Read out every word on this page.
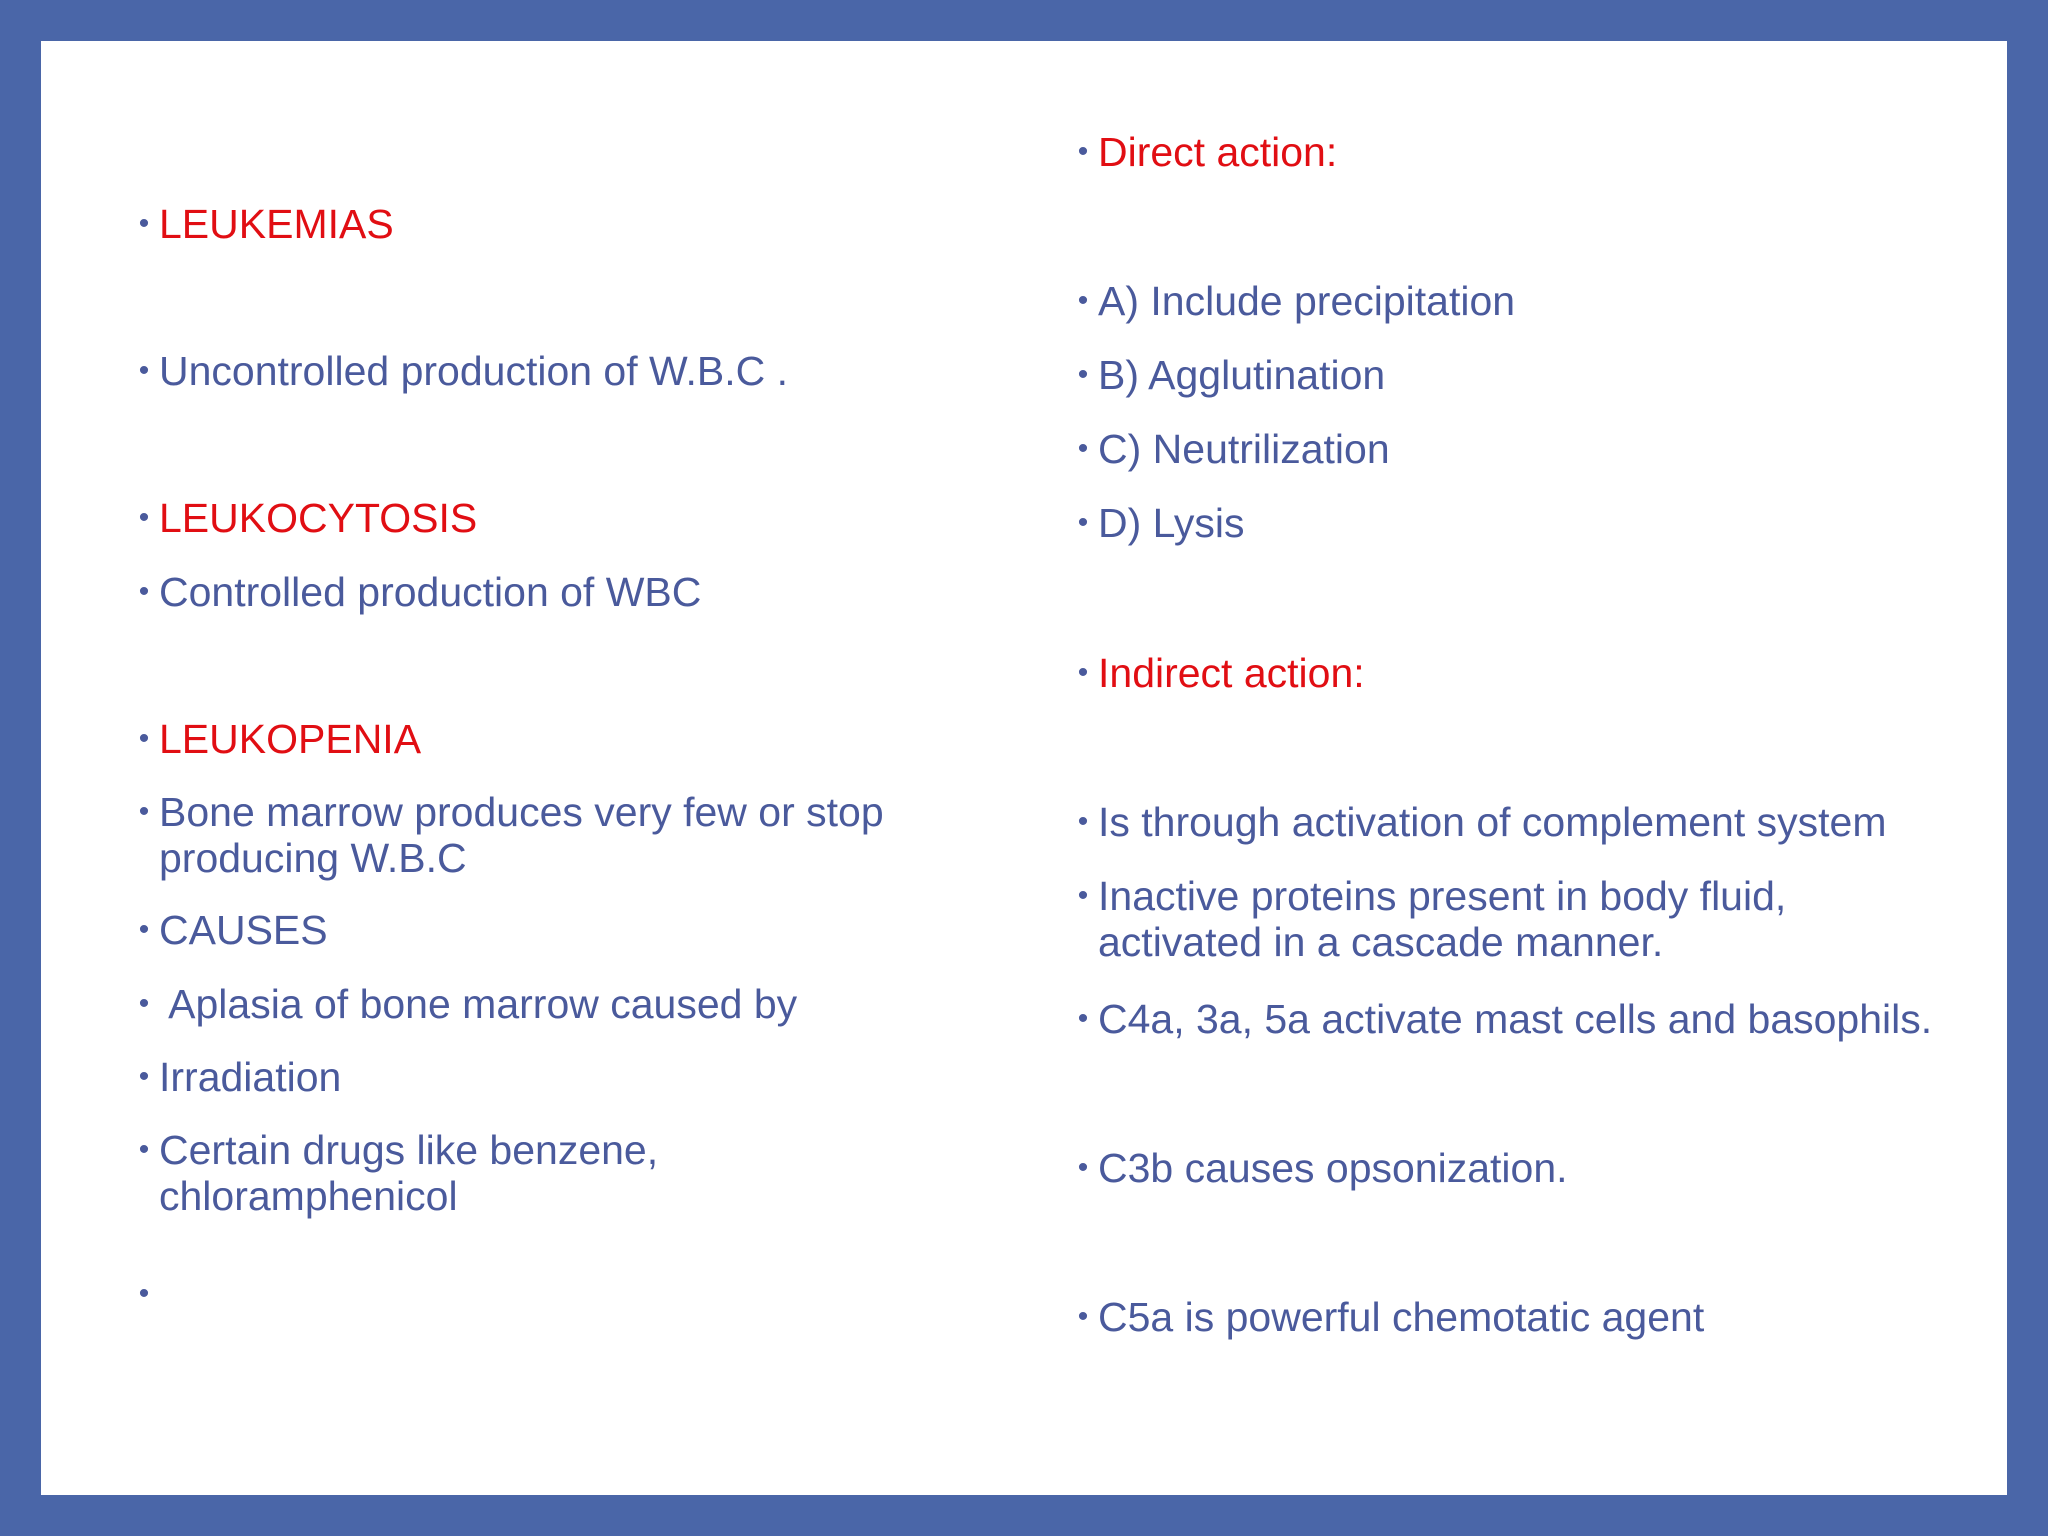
• LEUKEMIAS
• Uncontrolled production of W.B.C .
• LEUKOCYTOSIS
• Controlled production of WBC
• LEUKOPENIA
• Bone marrow produces very few or stop producing W.B.C
• CAUSES
• Aplasia of bone marrow caused by
• Irradiation
• Certain drugs like benzene, chloramphenicol
•
• Direct action:
• A) Include precipitation
• B) Agglutination
• C) Neutrilization
• D) Lysis
• Indirect action:
• Is through activation of complement system
• Inactive proteins present in body fluid, activated in a cascade manner.
• C4a, 3a, 5a activate mast cells and basophils.
• C3b causes opsonization.
• C5a is powerful chemotatic agent
